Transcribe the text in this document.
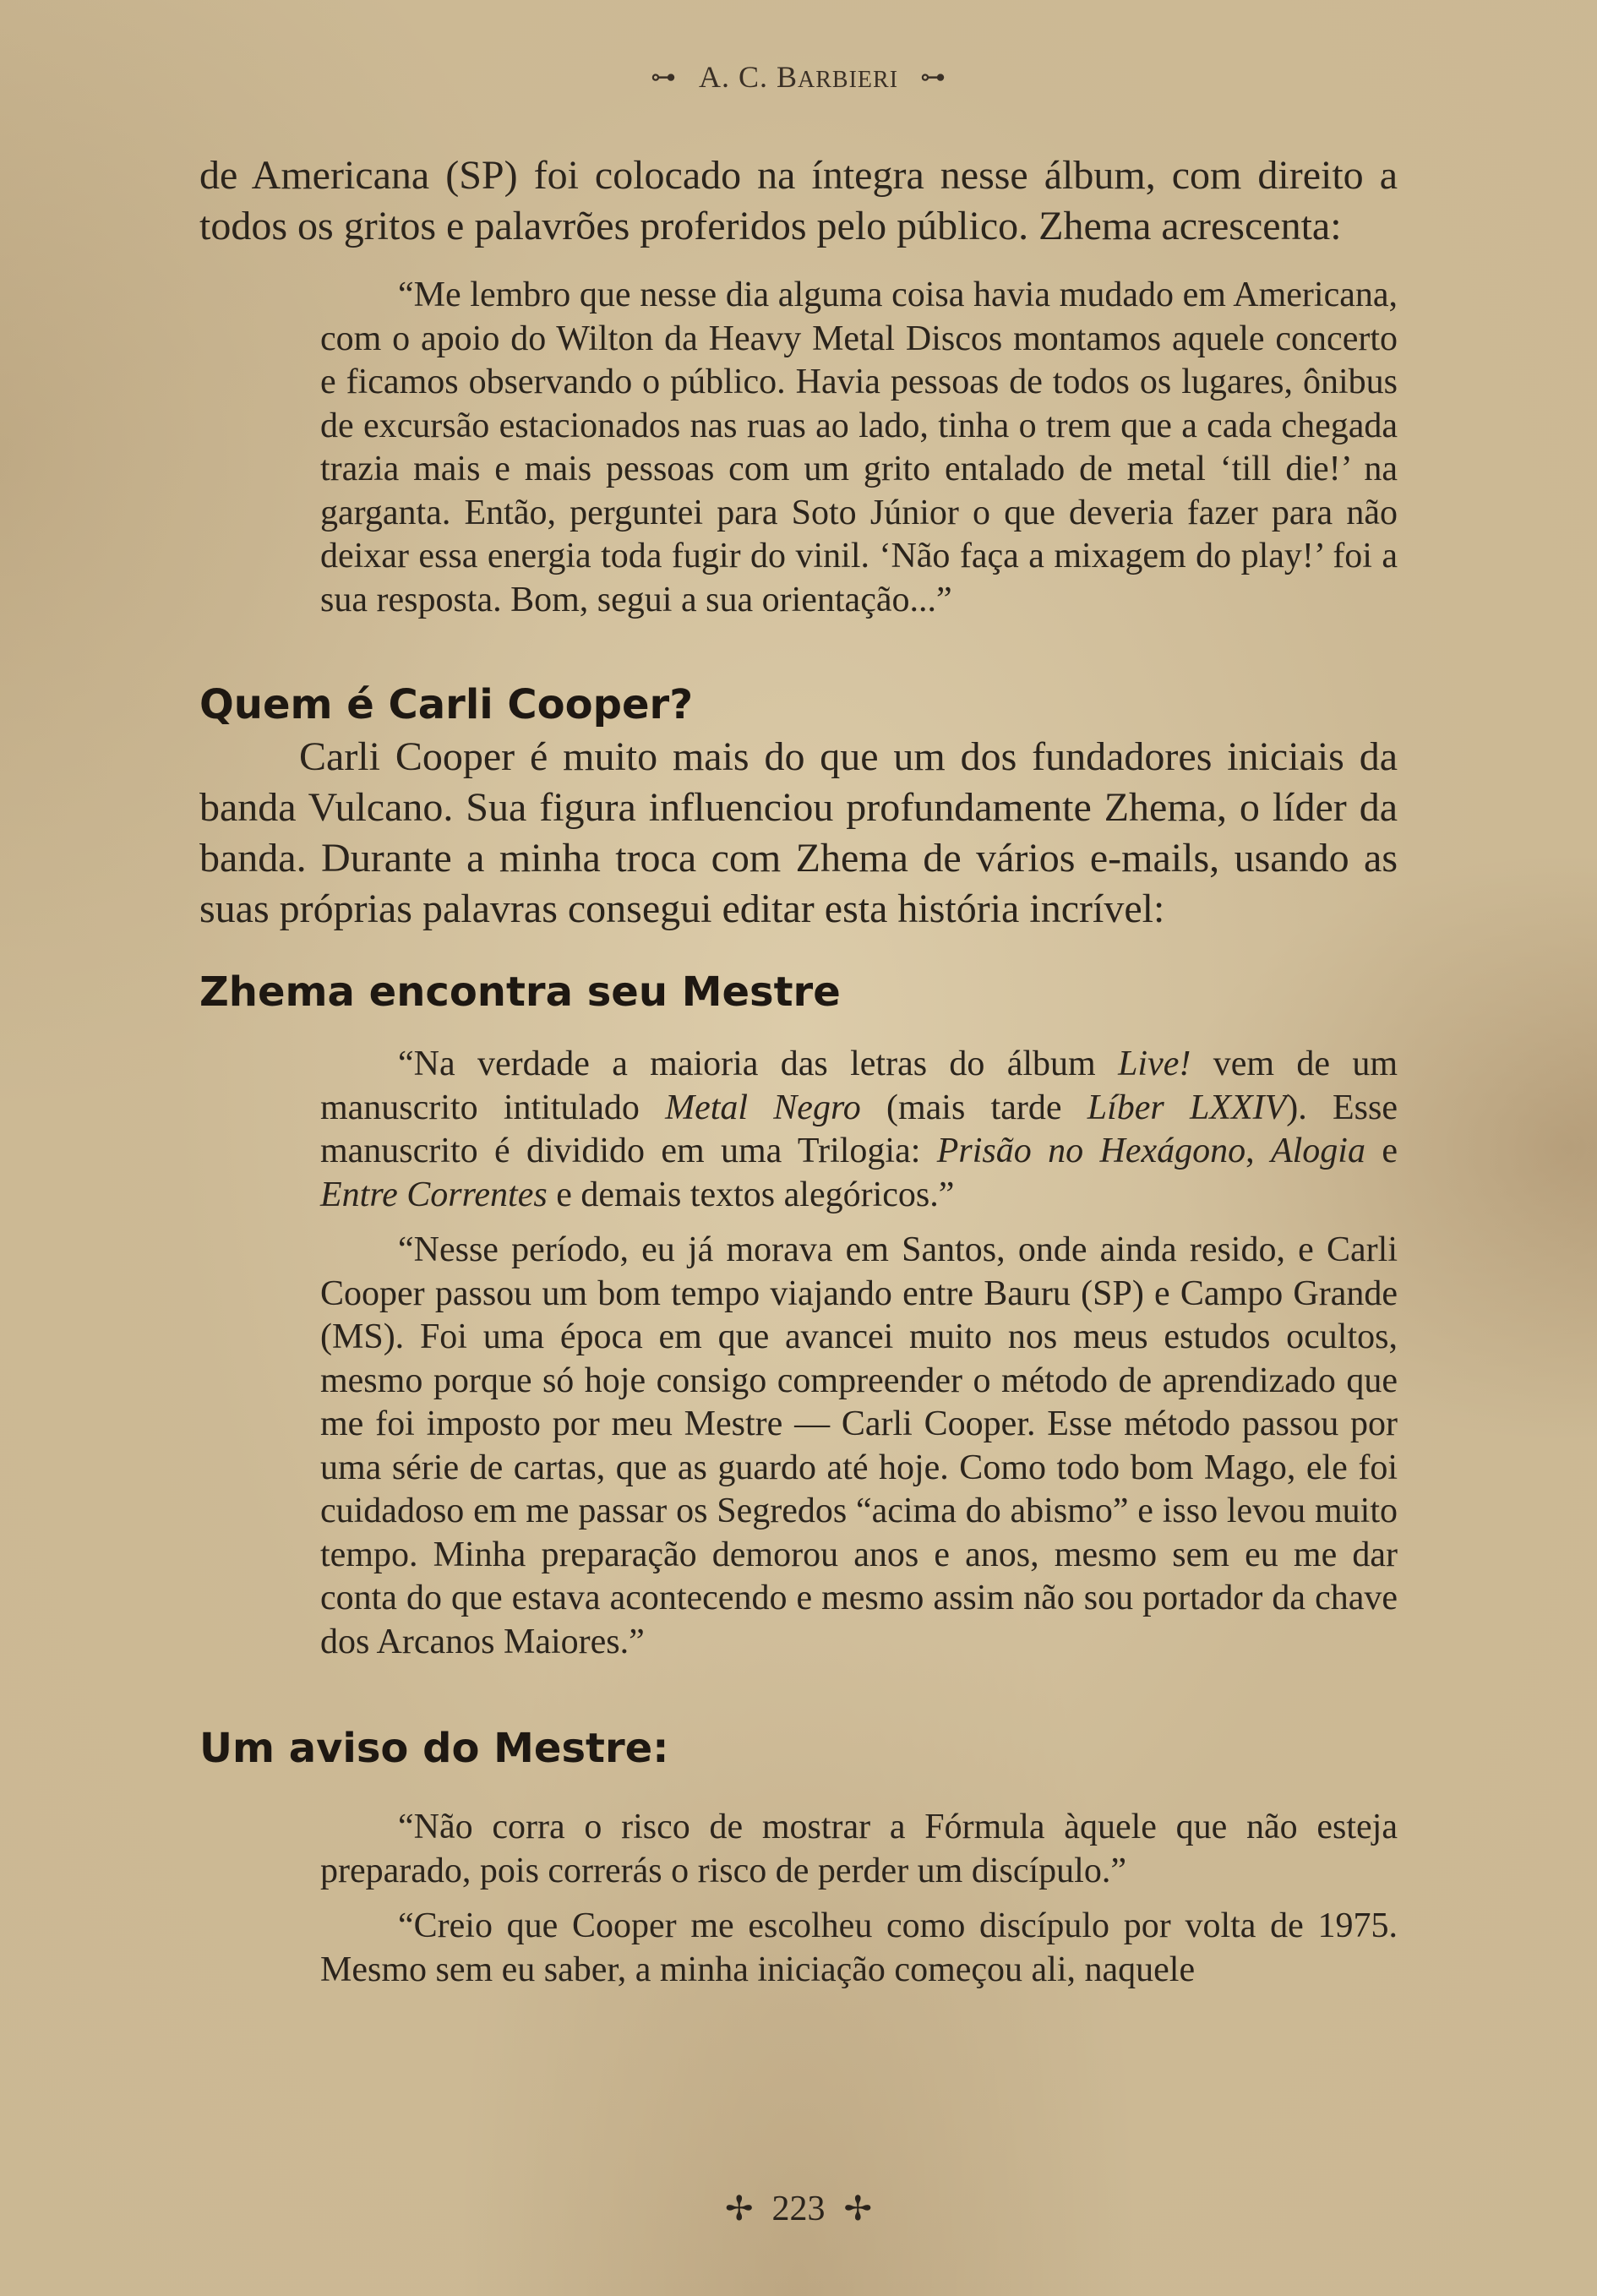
⊶ A. C. BARBIERI ⊶

de Americana (SP) foi colocado na íntegra nesse álbum, com direito a todos os gritos e palavrões proferidos pelo público. Zhema acrescenta:

“Me lembro que nesse dia alguma coisa havia mudado em Americana, com o apoio do Wilton da Heavy Metal Discos montamos aquele concerto e ficamos observando o público. Havia pessoas de todos os lugares, ônibus de excursão estacionados nas ruas ao lado, tinha o trem que a cada chegada trazia mais e mais pessoas com um grito entalado de metal ‘till die!’ na garganta. Então, perguntei para Soto Júnior o que deveria fazer para não deixar essa energia toda fugir do vinil. ‘Não faça a mixagem do play!’ foi a sua resposta. Bom, segui a sua orientação...”

Quem é Carli Cooper?

Carli Cooper é muito mais do que um dos fundadores iniciais da banda Vulcano. Sua figura influenciou profundamente Zhema, o líder da banda. Durante a minha troca com Zhema de vários e-mails, usando as suas próprias palavras consegui editar esta história incrível:

Zhema encontra seu Mestre

“Na verdade a maioria das letras do álbum Live! vem de um manuscrito intitulado Metal Negro (mais tarde Líber LXXIV). Esse manuscrito é dividido em uma Trilogia: Prisão no Hexágono, Alogia e Entre Correntes e demais textos alegóricos.”

“Nesse período, eu já morava em Santos, onde ainda resido, e Carli Cooper passou um bom tempo viajando entre Bauru (SP) e Campo Grande (MS). Foi uma época em que avancei muito nos meus estudos ocultos, mesmo porque só hoje consigo compreender o método de aprendizado que me foi imposto por meu Mestre — Carli Cooper. Esse método passou por uma série de cartas, que as guardo até hoje. Como todo bom Mago, ele foi cuidadoso em me passar os Segredos “acima do abismo” e isso levou muito tempo. Minha preparação demorou anos e anos, mesmo sem eu me dar conta do que estava acontecendo e mesmo assim não sou portador da chave dos Arcanos Maiores.”

Um aviso do Mestre:

“Não corra o risco de mostrar a Fórmula àquele que não esteja preparado, pois correrás o risco de perder um discípulo.”

“Creio que Cooper me escolheu como discípulo por volta de 1975. Mesmo sem eu saber, a minha iniciação começou ali, naquele

✢ 223 ✢
